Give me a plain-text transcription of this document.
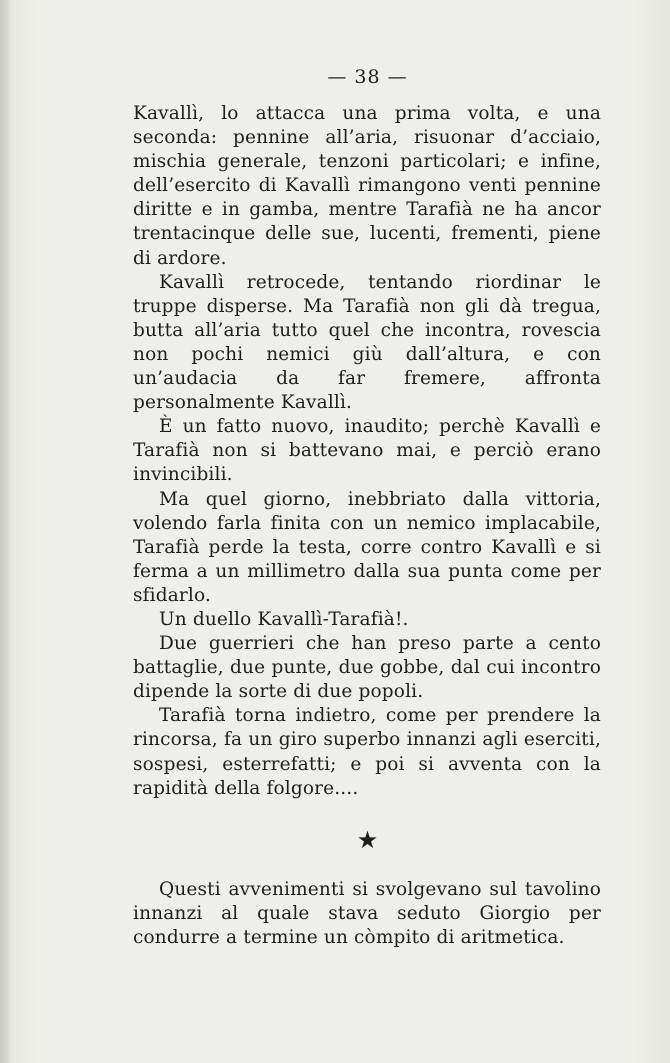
— 38 —

Kavallì, lo attacca una prima volta, e una seconda: pennine all’aria, risuonar d’acciaio, mischia generale, tenzoni particolari; e infine, dell’esercito di Kavallì rimangono venti pennine diritte e in gamba, mentre Tarafià ne ha ancor trentacinque delle sue, lucenti, frementi, piene di ardore.

Kavallì retrocede, tentando riordinar le truppe disperse. Ma Tarafià non gli dà tregua, butta all’aria tutto quel che incontra, rovescia non pochi nemici giù dall’altura, e con un’audacia da far fremere, affronta personalmente Kavallì.

È un fatto nuovo, inaudito; perchè Kavallì e Tarafià non si battevano mai, e perciò erano invincibili.

Ma quel giorno, inebbriato dalla vittoria, volendo farla finita con un nemico implacabile, Tarafià perde la testa, corre contro Kavallì e si ferma a un millimetro dalla sua punta come per sfidarlo.

Un duello Kavallì-Tarafià!.

Due guerrieri che han preso parte a cento battaglie, due punte, due gobbe, dal cui incontro dipende la sorte di due popoli.

Tarafià torna indietro, come per prendere la rincorsa, fa un giro superbo innanzi agli eserciti, sospesi, esterrefatti; e poi si avventa con la rapidità della folgore....

★

Questi avvenimenti si svolgevano sul tavolino innanzi al quale stava seduto Giorgio per condurre a termine un còmpito di aritmetica.
